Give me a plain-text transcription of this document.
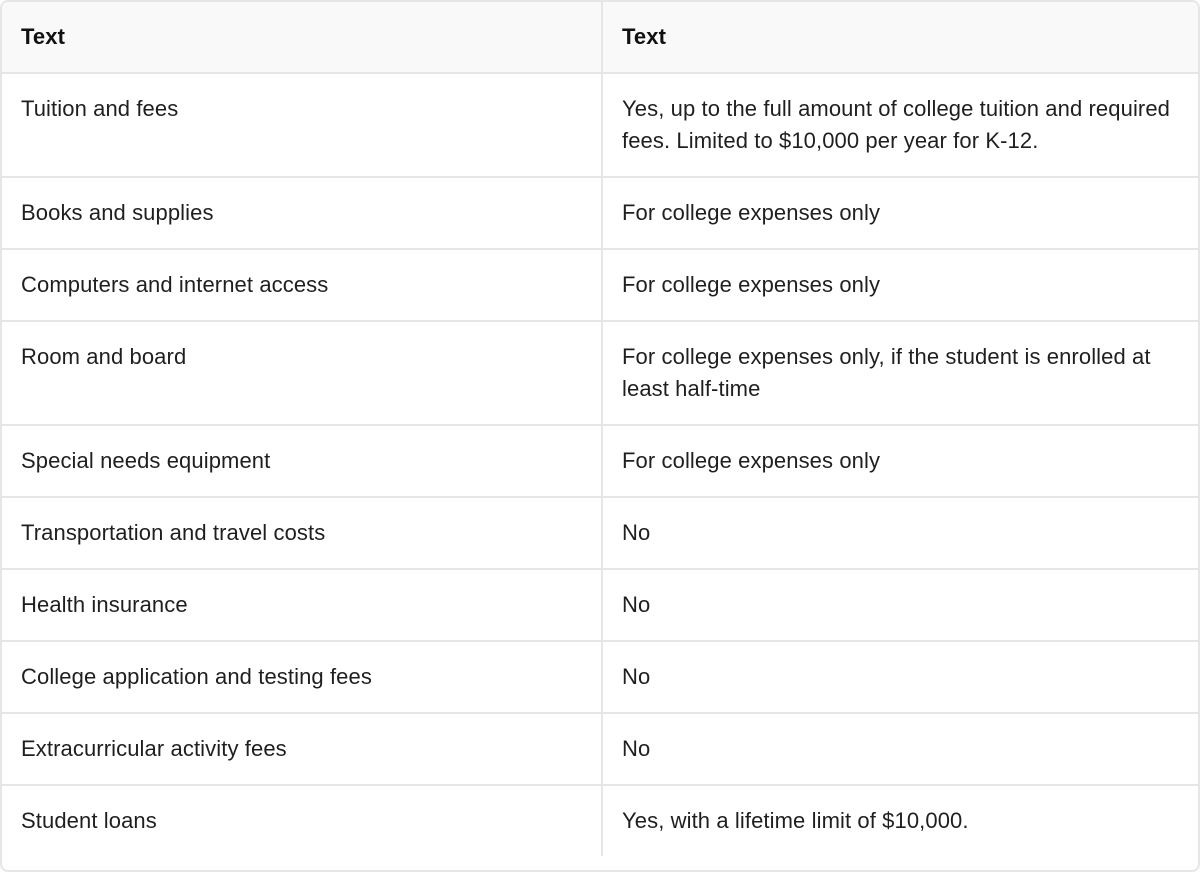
Text	Text
Tuition and fees	Yes, up to the full amount of college tuition and required fees. Limited to $10,000 per year for K-12.
Books and supplies	For college expenses only
Computers and internet access	For college expenses only
Room and board	For college expenses only, if the student is enrolled at least half-time
Special needs equipment	For college expenses only
Transportation and travel costs	No
Health insurance	No
College application and testing fees	No
Extracurricular activity fees	No
Student loans	Yes, with a lifetime limit of $10,000.
